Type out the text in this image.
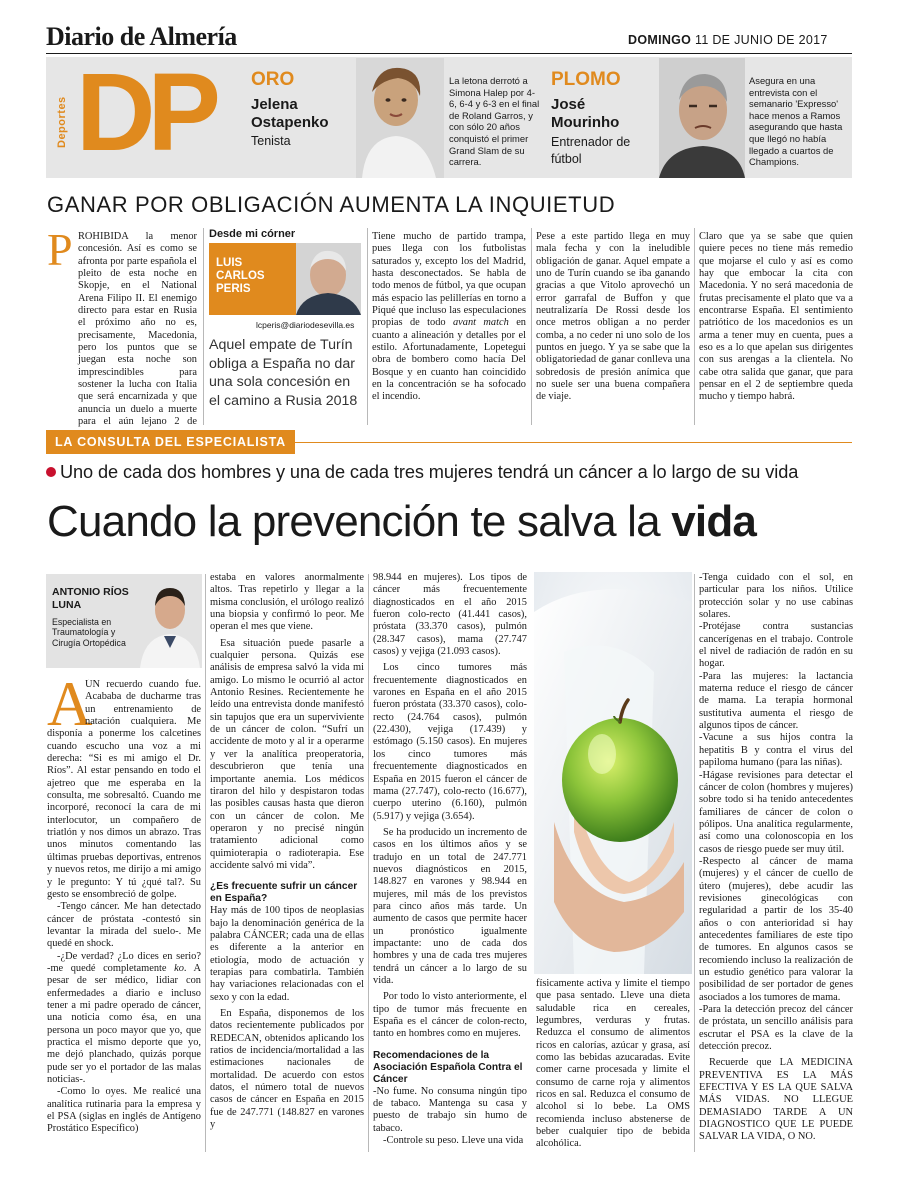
Diario de Almería	DOMINGO 11 DE JUNIO DE 2017
Deportes DP ORO
Jelena
Ostapenko
Tenista
La letona derrotó a Simona Halep por 4-6, 6-4 y 6-3 en el final de Roland Garros, y con sólo 20 años conquistó el primer Grand Slam de su carrera.
PLOMO
José
Mourinho
Entrenador de
fútbol
Asegura en una entrevista con el semanario 'Expresso' hace menos a Ramos asegurando que hasta que llegó no había llegado a cuartos de Champions.
GANAR POR OBLIGACIÓN AUMENTA LA INQUIETUD
P ROHIBIDA la menor concesión. Así es como se afronta por parte española el pleito de esta noche en Skopje, en el National Arena Filipo II. El enemigo directo para estar en Rusia el próximo año no es, precisamente, Macedonia, pero los puntos que se juegan esta noche son imprescindibles para sostener la lucha con Italia que será encarnizada y que anuncia un duelo a muerte para el aún lejano 2 de

Desde mi córner
LUIS
CARLOS
PERIS
lcperis@diariodesevilla.es
Aquel empate de Turín obliga a España no dar una sola concesión en el camino a Rusia 2018

Tiene mucho de partido trampa, pues llega con los futbolistas saturados y, excepto los del Madrid, hasta desconectados. Se habla de todo menos de fútbol, ya que ocupan más espacio las pelillerías en torno a Piqué que incluso las especulaciones propias de todo avant match en cuanto a alineación y detalles por el estilo. Afortunadamente, Lopetegui obra de bombero como hacía Del Bosque y en cuanto han coincidido en la concentración se ha sofocado el incendio.

Pese a este partido llega en muy mala fecha y con la ineludible obligación de ganar. Aquel empate a uno de Turín cuando se iba ganando gracias a que Vitolo aprovechó un error garrafal de Buffon y que neutralizaría De Rossi desde los once metros obligan a no perder comba, a no ceder ni uno solo de los puntos en juego. Y ya se sabe que la obligatoriedad de ganar conlleva una sobredosis de presión anímica que no suele ser una buena compañera de viaje.

Claro que ya se sabe que quien quiere peces no tiene más remedio que mojarse el culo y así es como hay que embocar la cita con Macedonia. Y no será macedonia de frutas precisamente el plato que va a encontrarse España. El sentimiento patriótico de los macedonios es un arma a tener muy en cuenta, pues a eso es a lo que apelan sus dirigentes con sus arengas a la clientela. No cabe otra salida que ganar, que para pensar en el 2 de septiembre queda mucho y tiempo habrá.

LA CONSULTA DEL ESPECIALISTA
Uno de cada dos hombres y una de cada tres mujeres tendrá un cáncer a lo largo de su vida
Cuando la prevención te salva la vida
ANTONIO RÍOS
LUNA
Especialista en Traumatología y Cirugía Ortopédica
A

ÚN recuerdo cuando fue. Acababa de ducharme tras un entrenamiento de natación cualquiera. Me disponía a ponerme los calcetines cuando escucho una voz a mi derecha: “Si es mi amigo el Dr. Ríos”. Al estar pensando en todo el ajetreo que me esperaba en la consulta, me sobresaltó. Cuando me incorporé, reconocí la cara de mi interlocutor, un compañero de triatlón y nos dimos un abrazo. Tras unos minutos comentando las últimas pruebas deportivas, entrenos y nuevos retos, me dirijo a mi amigo y le pregunto: Y tú ¿qué tal?. Su gesto se ensombreció de golpe.

-Tengo cáncer. Me han detectado cáncer de próstata -contestó sin levantar la mirada del suelo-. Me quedé en shock.

-¿De verdad? ¿Lo dices en serio? -me quedé completamente ko. A pesar de ser médico, lidiar con enfermedades a diario e incluso tener a mi padre operado de cáncer, una noticia como ésa, en una persona un poco mayor que yo, que practica el mismo deporte que yo, me dejó planchado, quizás porque pude ser yo el portador de las malas noticias-.

-Como lo oyes. Me realicé una analítica rutinaria para la empresa y el PSA (siglas en inglés de Antígeno Prostático Específico)

estaba en valores anormalmente altos. Tras repetirlo y llegar a la misma conclusión, el urólogo realizó una biopsia y confirmó lo peor. Me operan el mes que viene.

Esa situación puede pasarle a cualquier persona. Quizás ese análisis de empresa salvó la vida mi amigo. Lo mismo le ocurrió al actor Antonio Resines. Recientemente he leído una entrevista donde manifestó sin tapujos que era un superviviente de un cáncer de colon. “Sufrí un accidente de moto y al ir a operarme y ver la analítica preoperatoria, descubrieron que tenía una importante anemia. Los médicos tiraron del hilo y despistaron todas las posibles causas hasta que dieron con un cáncer de colon. Me operaron y no precisé ningún tratamiento adicional como quimioterapia o radioterapia. Ese accidente salvó mi vida”.

¿Es frecuente sufrir un cáncer en España?

Hay más de 100 tipos de neoplasias bajo la denominación genérica de la palabra CÁNCER; cada una de ellas es diferente a la anterior en etiología, modo de actuación y terapias para combatirla. También hay variaciones relacionadas con el sexo y con la edad.

En España, disponemos de los datos recientemente publicados por REDECAN, obtenidos aplicando los ratios de incidencia/mortalidad a las estimaciones nacionales de mortalidad. De acuerdo con estos datos, el número total de nuevos casos de cáncer en España en 2015 fue de 247.771 (148.827 en varones y

98.944 en mujeres). Los tipos de cáncer más frecuentemente diagnosticados en el año 2015 fueron colo-recto (41.441 casos), próstata (33.370 casos), pulmón (28.347 casos), mama (27.747 casos) y vejiga (21.093 casos).

Los cinco tumores más frecuentemente diagnosticados en varones en España en el año 2015 fueron próstata (33.370 casos), colo-recto (24.764 casos), pulmón (22.430), vejiga (17.439) y estómago (5.150 casos). En mujeres los cinco tumores más frecuentemente diagnosticados en España en 2015 fueron el cáncer de mama (27.747), colo-recto (16.677), cuerpo uterino (6.160), pulmón (5.917) y vejiga (3.654).

Se ha producido un incremento de casos en los últimos años y se tradujo en un total de 247.771 nuevos diagnósticos en 2015, 148.827 en varones y 98.944 en mujeres, mil más de los previstos para cinco años más tarde. Un aumento de casos que permite hacer un pronóstico igualmente impactante: uno de cada dos hombres y una de cada tres mujeres tendrá un cáncer a lo largo de su vida.

Por todo lo visto anteriormente, el tipo de tumor más frecuente en España es el cáncer de colon-recto, tanto en hombres como en mujeres.

Recomendaciones de la Asociación Española Contra el Cáncer

-No fume. No consuma ningún tipo de tabaco. Mantenga su casa y puesto de trabajo sin humo de tabaco.

-Controle su peso. Lleve una vida

físicamente activa y limite el tiempo que pasa sentado. Lleve una dieta saludable rica en cereales, legumbres, verduras y frutas. Reduzca el consumo de alimentos ricos en calorías, azúcar y grasa, así como las bebidas azucaradas. Evite comer carne procesada y limite el consumo de carne roja y alimentos ricos en sal. Reduzca el consumo de alcohol si lo bebe. La OMS recomienda incluso abstenerse de beber cualquier tipo de bebida alcohólica.

-Tenga cuidado con el sol, en particular para los niños. Utilice protección solar y no use cabinas solares.

-Protéjase contra sustancias cancerígenas en el trabajo. Controle el nivel de radiación de radón en su hogar.

-Para las mujeres: la lactancia materna reduce el riesgo de cáncer de mama. La terapia hormonal sustitutiva aumenta el riesgo de algunos tipos de cáncer.

-Vacune a sus hijos contra la hepatitis B y contra el virus del papiloma humano (para las niñas).

-Hágase revisiones para detectar el cáncer de colon (hombres y mujeres) sobre todo si ha tenido antecedentes familiares de cáncer de colon o pólipos. Una analítica regularmente, así como una colonoscopia en los casos de riesgo puede ser muy útil.

-Respecto al cáncer de mama (mujeres) y el cáncer de cuello de útero (mujeres), debe acudir las revisiones ginecológicas con regularidad a partir de los 35-40 años o con anterioridad si hay antecedentes familiares de este tipo de tumores. En algunos casos se recomiendo incluso la realización de un estudio genético para valorar la posibilidad de ser portador de genes asociados a los tumores de mama.

-Para la detección precoz del cáncer de próstata, un sencillo análisis para escrutar el PSA es la clave de la detección precoz.

Recuerde que LA MEDICINA PREVENTIVA ES LA MÁS EFECTIVA Y ES LA QUE SALVA MÁS VIDAS. NO LLEGUE DEMASIADO TARDE A UN DIAGNOSTICO QUE LE PUEDE SALVAR LA VIDA, O NO.
